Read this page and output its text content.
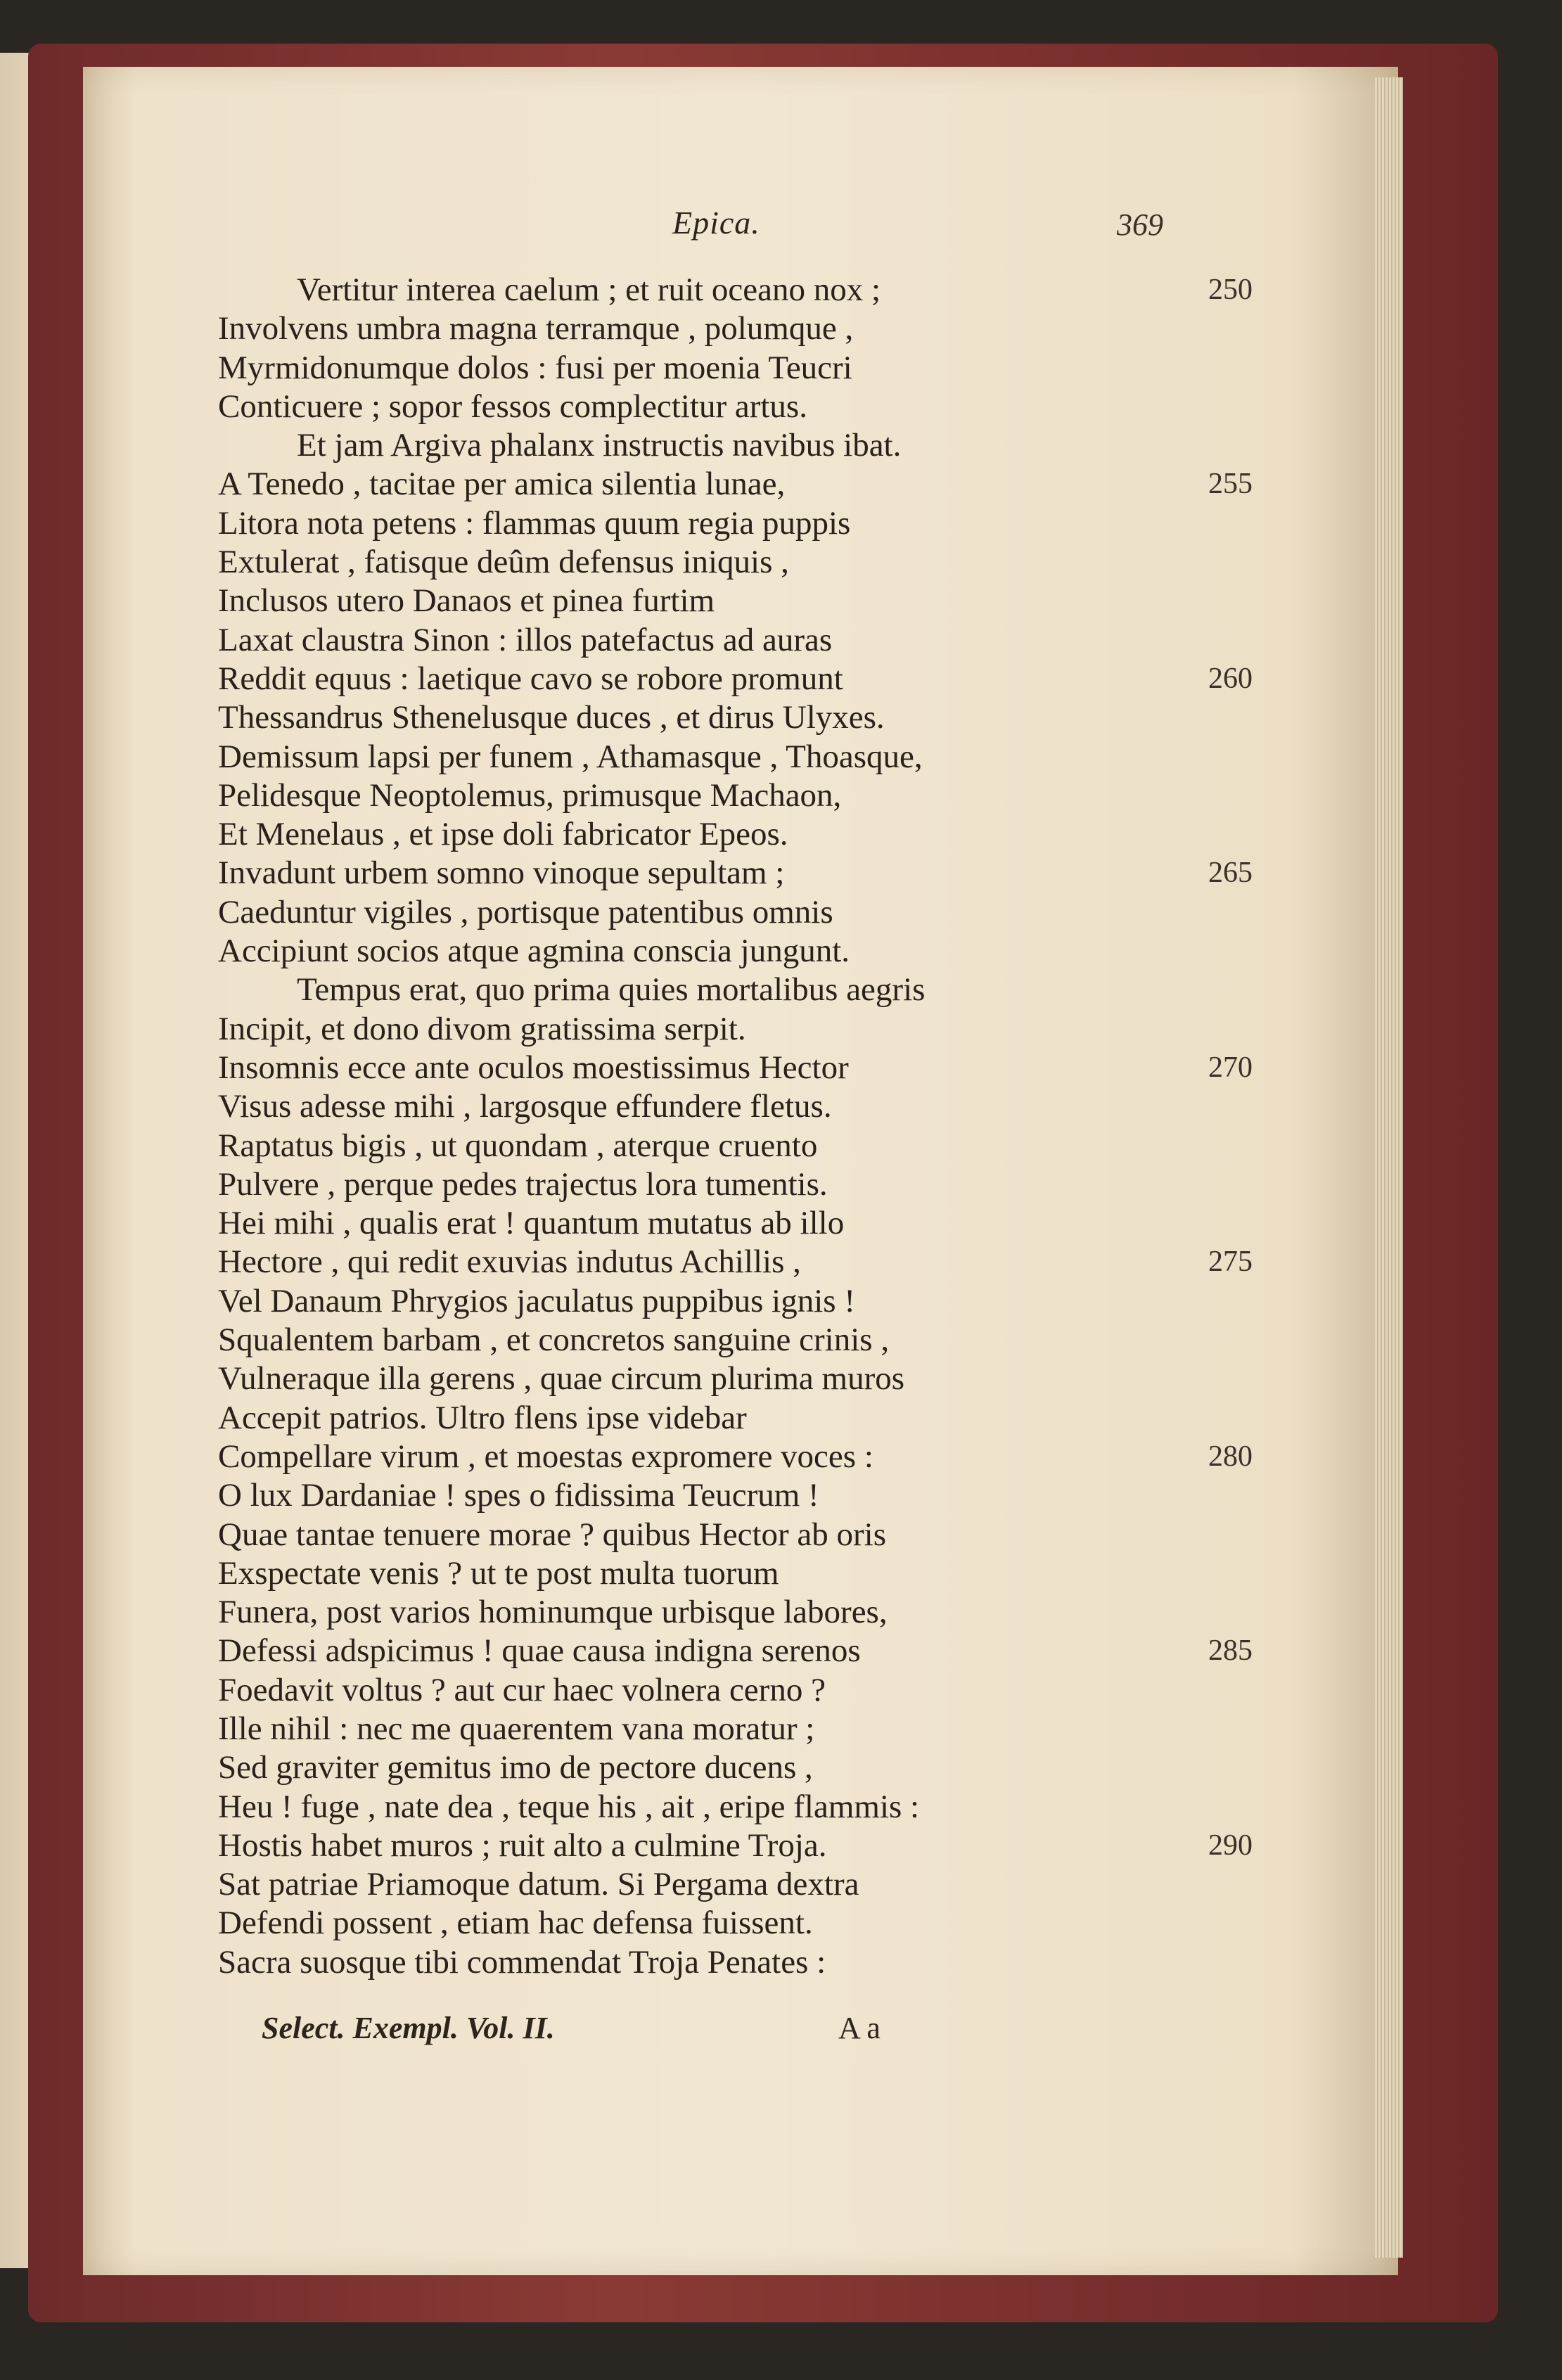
Epica.	369
Vertitur interea caelum ; et ruit oceano nox ;	250
Involvens umbra magna terramque , polumque ,
Myrmidonumque dolos : fusi per moenia Teucri
Conticuere ; sopor fessos complectitur artus.
Et jam Argiva phalanx instructis navibus ibat.
A Tenedo , tacitae per amica silentia lunae,	255
Litora nota petens : flammas quum regia puppis
Extulerat , fatisque deûm defensus iniquis ,
Inclusos utero Danaos et pinea furtim
Laxat claustra Sinon : illos patefactus ad auras
Reddit equus : laetique cavo se robore promunt	260
Thessandrus Sthenelusque duces , et dirus Ulyxes.
Demissum lapsi per funem , Athamasque , Thoasque,
Pelidesque Neoptolemus, primusque Machaon,
Et Menelaus , et ipse doli fabricator Epeos.
Invadunt urbem somno vinoque sepultam ;	265
Caeduntur vigiles , portisque patentibus omnis
Accipiunt socios atque agmina conscia jungunt.
Tempus erat, quo prima quies mortalibus aegris
Incipit, et dono divom gratissima serpit.
Insomnis ecce ante oculos moestissimus Hector	270
Visus adesse mihi , largosque effundere fletus.
Raptatus bigis , ut quondam , aterque cruento
Pulvere , perque pedes trajectus lora tumentis.
Hei mihi , qualis erat ! quantum mutatus ab illo
Hectore , qui redit exuvias indutus Achillis ,	275
Vel Danaum Phrygios jaculatus puppibus ignis !
Squalentem barbam , et concretos sanguine crinis ,
Vulneraque illa gerens , quae circum plurima muros
Accepit patrios. Ultro flens ipse videbar
Compellare virum , et moestas expromere voces :	280
O lux Dardaniae ! spes o fidissima Teucrum !
Quae tantae tenuere morae ? quibus Hector ab oris
Exspectate venis ? ut te post multa tuorum
Funera, post varios hominumque urbisque labores,
Defessi adspicimus ! quae causa indigna serenos	285
Foedavit voltus ? aut cur haec volnera cerno ?
Ille nihil : nec me quaerentem vana moratur ;
Sed graviter gemitus imo de pectore ducens ,
Heu ! fuge , nate dea , teque his , ait , eripe flammis :
Hostis habet muros ; ruit alto a culmine Troja.	290
Sat patriae Priamoque datum. Si Pergama dextra
Defendi possent , etiam hac defensa fuissent.
Sacra suosque tibi commendat Troja Penates :
Select. Exempl. Vol. II.	A a
